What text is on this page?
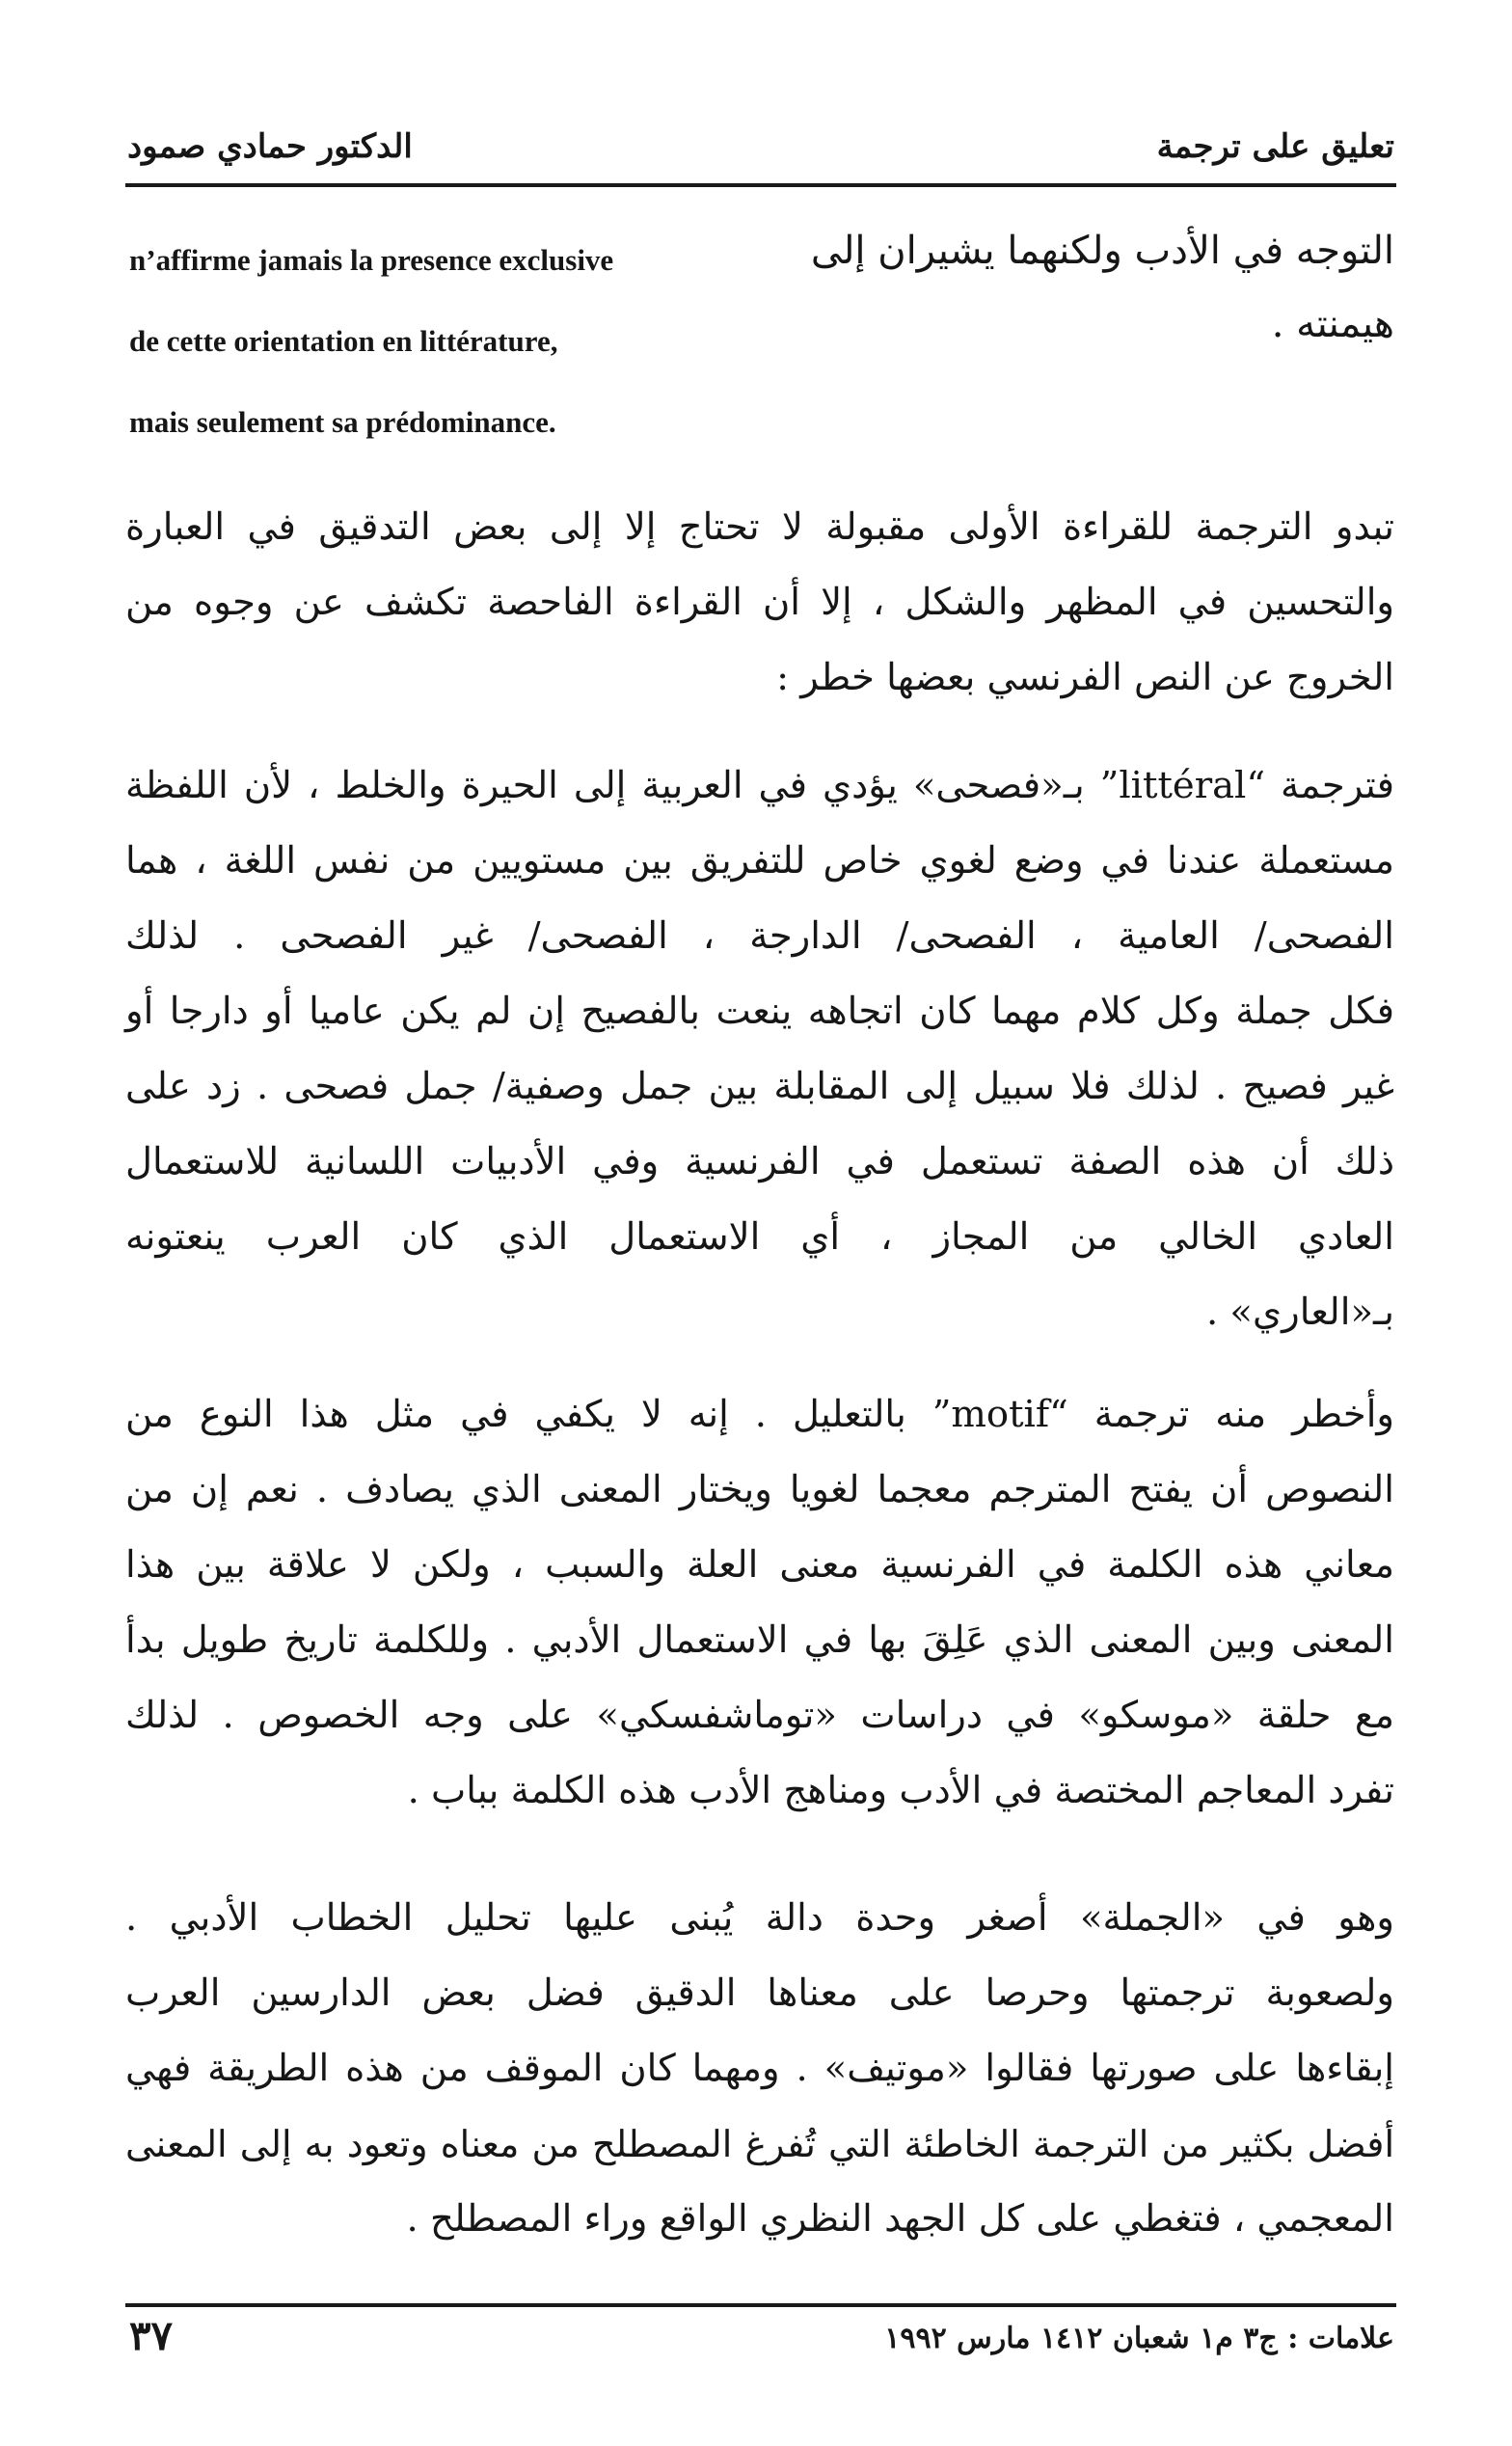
تعليق على ترجمة
الدكتور حمادي صمود
التوجه في الأدب ولكنهما يشيران إلى
هيمنته .
n’affirme jamais la presence exclusive
de cette orientation en littérature,
mais seulement sa prédominance.
تبدو الترجمة للقراءة الأولى مقبولة لا تحتاج إلا إلى بعض التدقيق في العبارة
والتحسين في المظهر والشكل ، إلا أن القراءة الفاحصة تكشف عن وجوه من
الخروج عن النص الفرنسي بعضها خطر :
فترجمة “littéral” بـ«فصحى» يؤدي في العربية إلى الحيرة والخلط ، لأن اللفظة
مستعملة عندنا في وضع لغوي خاص للتفريق بين مستويين من نفس اللغة ، هما
الفصحى/ العامية ، الفصحى/ الدارجة ، الفصحى/ غير الفصحى . لذلك
فكل جملة وكل كلام مهما كان اتجاهه ينعت بالفصيح إن لم يكن عاميا أو دارجا أو
غير فصيح . لذلك فلا سبيل إلى المقابلة بين جمل وصفية/ جمل فصحى . زد على
ذلك أن هذه الصفة تستعمل في الفرنسية وفي الأدبيات اللسانية للاستعمال
العادي الخالي من المجاز ، أي الاستعمال الذي كان العرب ينعتونه
بـ«العاري» .
وأخطر منه ترجمة “motif” بالتعليل . إنه لا يكفي في مثل هذا النوع من
النصوص أن يفتح المترجم معجما لغويا ويختار المعنى الذي يصادف . نعم إن من
معاني هذه الكلمة في الفرنسية معنى العلة والسبب ، ولكن لا علاقة بين هذا
المعنى وبين المعنى الذي عَلِقَ بها في الاستعمال الأدبي . وللكلمة تاريخ طويل بدأ
مع حلقة «موسكو» في دراسات «توماشفسكي» على وجه الخصوص . لذلك
تفرد المعاجم المختصة في الأدب ومناهج الأدب هذه الكلمة بباب .
وهو في «الجملة» أصغر وحدة دالة يُبنى عليها تحليل الخطاب الأدبي .
ولصعوبة ترجمتها وحرصا على معناها الدقيق فضل بعض الدارسين العرب
إبقاءها على صورتها فقالوا «موتيف» . ومهما كان الموقف من هذه الطريقة فهي
أفضل بكثير من الترجمة الخاطئة التي تُفرغ المصطلح من معناه وتعود به إلى المعنى
المعجمي ، فتغطي على كل الجهد النظري الواقع وراء المصطلح .
علامات : ج٣ م١ شعبان ١٤١٢ مارس ١٩٩٢
٣٧
